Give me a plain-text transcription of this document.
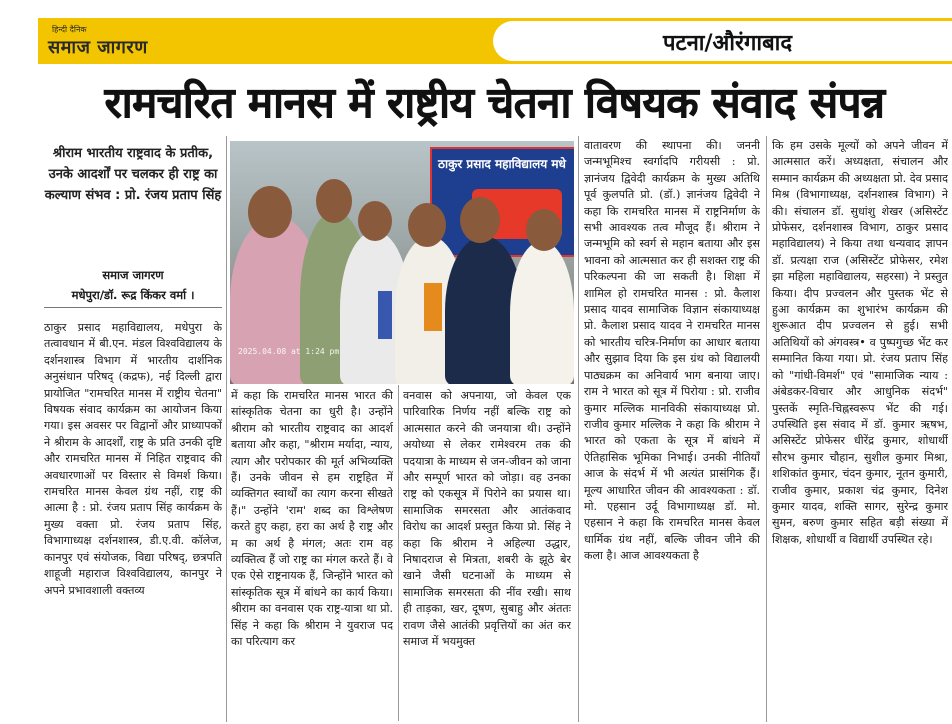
हिन्दी दैनिक
समाज जागरण	पटना/औरंगाबाद
रामचरित मानस में राष्ट्रीय चेतना विषयक संवाद संपन्न
श्रीराम भारतीय राष्ट्रवाद के प्रतीक, उनके आदर्शों पर चलकर ही राष्ट्र का कल्याण संभव : प्रो. रंजय प्रताप सिंह
समाज जागरण
मधेपुरा/डॉ. रूद्र किंकर वर्मा ।
ठाकुर प्रसाद महाविद्यालय मधे
2025.04.08 at 1:24 pm

ठाकुर प्रसाद महाविद्यालय, मधेपुरा के तत्वावधान में बी.एन. मंडल विश्वविद्यालय के दर्शनशास्त्र विभाग में भारतीय दार्शनिक अनुसंधान परिषद् (कद्रफ), नई दिल्ली द्वारा प्रायोजित "रामचरित मानस में राष्ट्रीय चेतना" विषयक संवाद कार्यक्रम का आयोजन किया गया। इस अवसर पर विद्वानों और प्राध्यापकों ने श्रीराम के आदर्शों, राष्ट्र के प्रति उनकी दृष्टि और रामचरित मानस में निहित राष्ट्रवाद की अवधारणाओं पर विस्तार से विमर्श किया। रामचरित मानस केवल ग्रंथ नहीं, राष्ट्र की आत्मा है : प्रो. रंजय प्रताप सिंह कार्यक्रम के मुख्य वक्ता प्रो. रंजय प्रताप सिंह, विभागाध्यक्ष दर्शनशास्त्र, डी.ए.वी. कॉलेज, कानपुर एवं संयोजक, विद्या परिषद्, छत्रपति शाहूजी महाराज विश्वविद्यालय, कानपुर ने अपने प्रभावशाली वक्तव्य

में कहा कि रामचरित मानस भारत की सांस्कृतिक चेतना का धुरी है। उन्होंने श्रीराम को भारतीय राष्ट्रवाद का आदर्श बताया और कहा, "श्रीराम मर्यादा, न्याय, त्याग और परोपकार की मूर्त अभिव्यक्ति हैं। उनके जीवन से हम राष्ट्रहित में व्यक्तिगत स्वार्थों का त्याग करना सीखते हैं।" उन्होंने 'राम' शब्द का विश्लेषण करते हुए कहा, हरा का अर्थ है राष्ट्र और म का अर्थ है मंगल; अतः राम वह व्यक्तित्व हैं जो राष्ट्र का मंगल करते हैं। वे एक ऐसे राष्ट्रनायक हैं, जिन्होंने भारत को सांस्कृतिक सूत्र में बांधने का कार्य किया। श्रीराम का वनवास एक राष्ट्र-यात्रा था प्रो. सिंह ने कहा कि श्रीराम ने युवराज पद का परित्याग कर

वनवास को अपनाया, जो केवल एक पारिवारिक निर्णय नहीं बल्कि राष्ट्र को आत्मसात करने की जनयात्रा थी। उन्होंने अयोध्या से लेकर रामेश्वरम तक की पदयात्रा के माध्यम से जन-जीवन को जाना और सम्पूर्ण भारत को जोड़ा। वह उनका राष्ट्र को एकसूत्र में पिरोने का प्रयास था। सामाजिक समरसता और आतंकवाद विरोध का आदर्श प्रस्तुत किया प्रो. सिंह ने कहा कि श्रीराम ने अहिल्या उद्धार, निषादराज से मित्रता, शबरी के झूठे बेर खाने जैसी घटनाओं के माध्यम से सामाजिक समरसता की नींव रखी। साथ ही ताड़का, खर, दूषण, सुबाहु और अंततः रावण जैसे आतंकी प्रवृत्तियों का अंत कर समाज में भयमुक्त

वातावरण की स्थापना की। जननी जन्मभूमिश्च स्वर्गादपि गरीयसी : प्रो. ज्ञानंजय द्विवेदी कार्यक्रम के मुख्य अतिथि पूर्व कुलपति प्रो. (डॉ.) ज्ञानंजय द्विवेदी ने कहा कि रामचरित मानस में राष्ट्रनिर्माण के सभी आवश्यक तत्व मौजूद हैं। श्रीराम ने जन्मभूमि को स्वर्ग से महान बताया और इस भावना को आत्मसात कर ही सशक्त राष्ट्र की परिकल्पना की जा सकती है। शिक्षा में शामिल हो रामचरित मानस : प्रो. कैलाश प्रसाद यादव सामाजिक विज्ञान संकायाध्यक्ष प्रो. कैलाश प्रसाद यादव ने रामचरित मानस को भारतीय चरित्र-निर्माण का आधार बताया और सुझाव दिया कि इस ग्रंथ को विद्यालयी पाठ्यक्रम का अनिवार्य भाग बनाया जाए। राम ने भारत को सूत्र में पिरोया : प्रो. राजीव कुमार मल्लिक मानविकी संकायाध्यक्ष प्रो. राजीव कुमार मल्लिक ने कहा कि श्रीराम ने भारत को एकता के सूत्र में बांधने में ऐतिहासिक भूमिका निभाई। उनकी नीतियाँ आज के संदर्भ में भी अत्यंत प्रासंगिक हैं। मूल्य आधारित जीवन की आवश्यकता : डॉ. मो. एहसान उर्दू विभागाध्यक्ष डॉ. मो. एहसान ने कहा कि रामचरित मानस केवल धार्मिक ग्रंथ नहीं, बल्कि जीवन जीने की कला है। आज आवश्यकता है

कि हम उसके मूल्यों को अपने जीवन में आत्मसात करें। अध्यक्षता, संचालन और सम्मान कार्यक्रम की अध्यक्षता प्रो. देव प्रसाद मिश्र (विभागाध्यक्ष, दर्शनशास्त्र विभाग) ने की। संचालन डॉ. सुधांशु शेखर (असिस्टेंट प्रोफेसर, दर्शनशास्त्र विभाग, ठाकुर प्रसाद महाविद्यालय) ने किया तथा धन्यवाद ज्ञापन डॉ. प्रत्यक्षा राज (असिस्टेंट प्रोफेसर, रमेश झा महिला महाविद्यालय, सहरसा) ने प्रस्तुत किया। दीप प्रज्वलन और पुस्तक भेंट से हुआ कार्यक्रम का शुभारंभ कार्यक्रम की शुरूआत दीप प्रज्वलन से हुई। सभी अतिथियों को अंगवस्त्र• व पुष्पगुच्छ भेंट कर सम्मानित किया गया। प्रो. रंजय प्रताप सिंह को "गांधी-विमर्श" एवं "सामाजिक न्याय : अंबेडकर-विचार और आधुनिक संदर्भ" पुस्तकें स्मृति-चिह्नस्वरूप भेंट की गई। उपस्थिति इस संवाद में डॉ. कुमार ऋषभ, असिस्टेंट प्रोफेसर धीरेंद्र कुमार, शोधार्थी सौरभ कुमार चौहान, सुशील कुमार मिश्रा, शशिकांत कुमार, चंदन कुमार, नूतन कुमारी, राजीव कुमार, प्रकाश चंद्र कुमार, दिनेश कुमार यादव, शक्ति सागर, सुरेन्द्र कुमार सुमन, बरुण कुमार सहित बड़ी संख्या में शिक्षक, शोधार्थी व विद्यार्थी उपस्थित रहे।
